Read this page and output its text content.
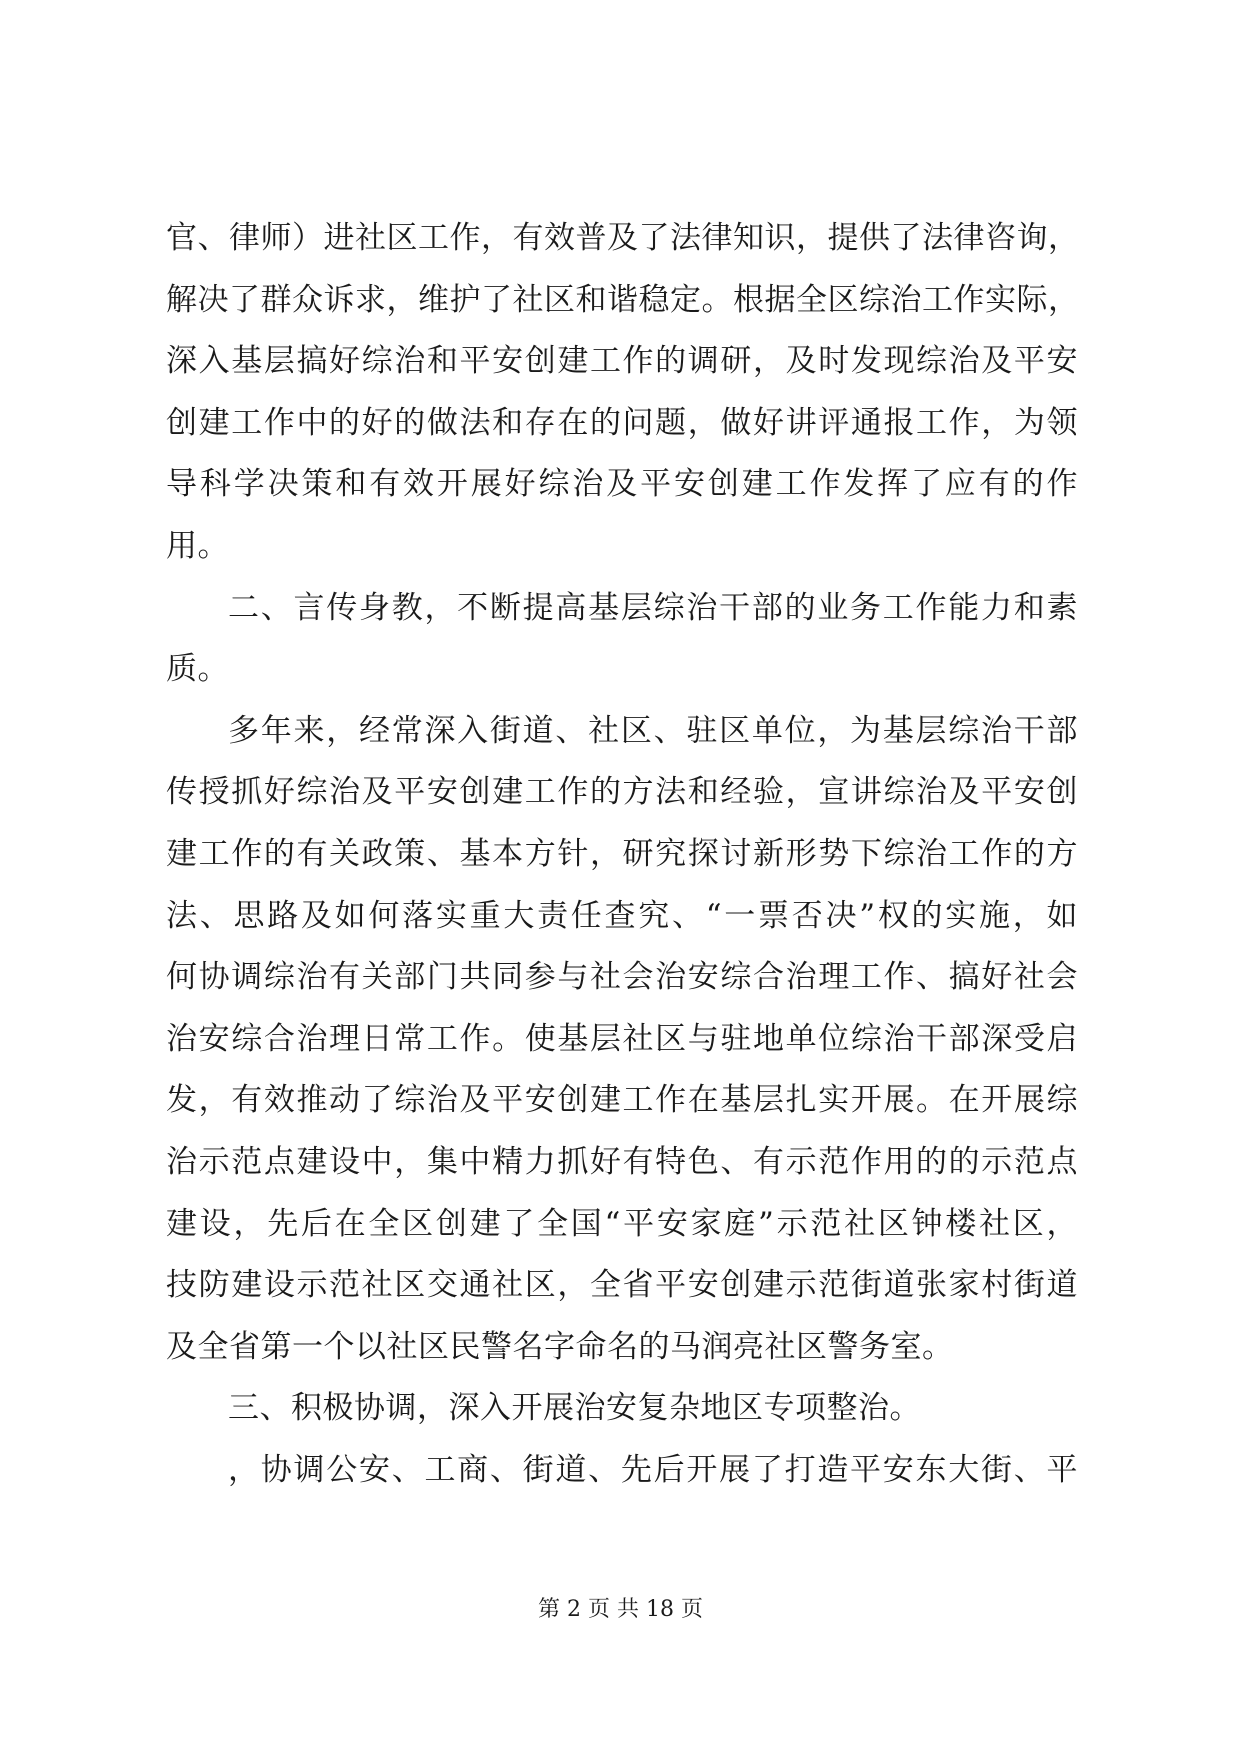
官、律师）进社区工作，有效普及了法律知识，提供了法律咨询，
解决了群众诉求，维护了社区和谐稳定。根据全区综治工作实际，
深入基层搞好综治和平安创建工作的调研，及时发现综治及平安
创建工作中的好的做法和存在的问题，做好讲评通报工作，为领
导科学决策和有效开展好综治及平安创建工作发挥了应有的作
用。
二、言传身教，不断提高基层综治干部的业务工作能力和素
质。
多年来，经常深入街道、社区、驻区单位，为基层综治干部
传授抓好综治及平安创建工作的方法和经验，宣讲综治及平安创
建工作的有关政策、基本方针，研究探讨新形势下综治工作的方
法、思路及如何落实重大责任查究、“一票否决”权的实施，如
何协调综治有关部门共同参与社会治安综合治理工作、搞好社会
治安综合治理日常工作。使基层社区与驻地单位综治干部深受启
发，有效推动了综治及平安创建工作在基层扎实开展。在开展综
治示范点建设中，集中精力抓好有特色、有示范作用的的示范点
建设，先后在全区创建了全国“平安家庭”示范社区钟楼社区，
技防建设示范社区交通社区，全省平安创建示范街道张家村街道
及全省第一个以社区民警名字命名的马润亮社区警务室。
三、积极协调，深入开展治安复杂地区专项整治。
，协调公安、工商、街道、先后开展了打造平安东大街、平
第 2 页 共 18 页
